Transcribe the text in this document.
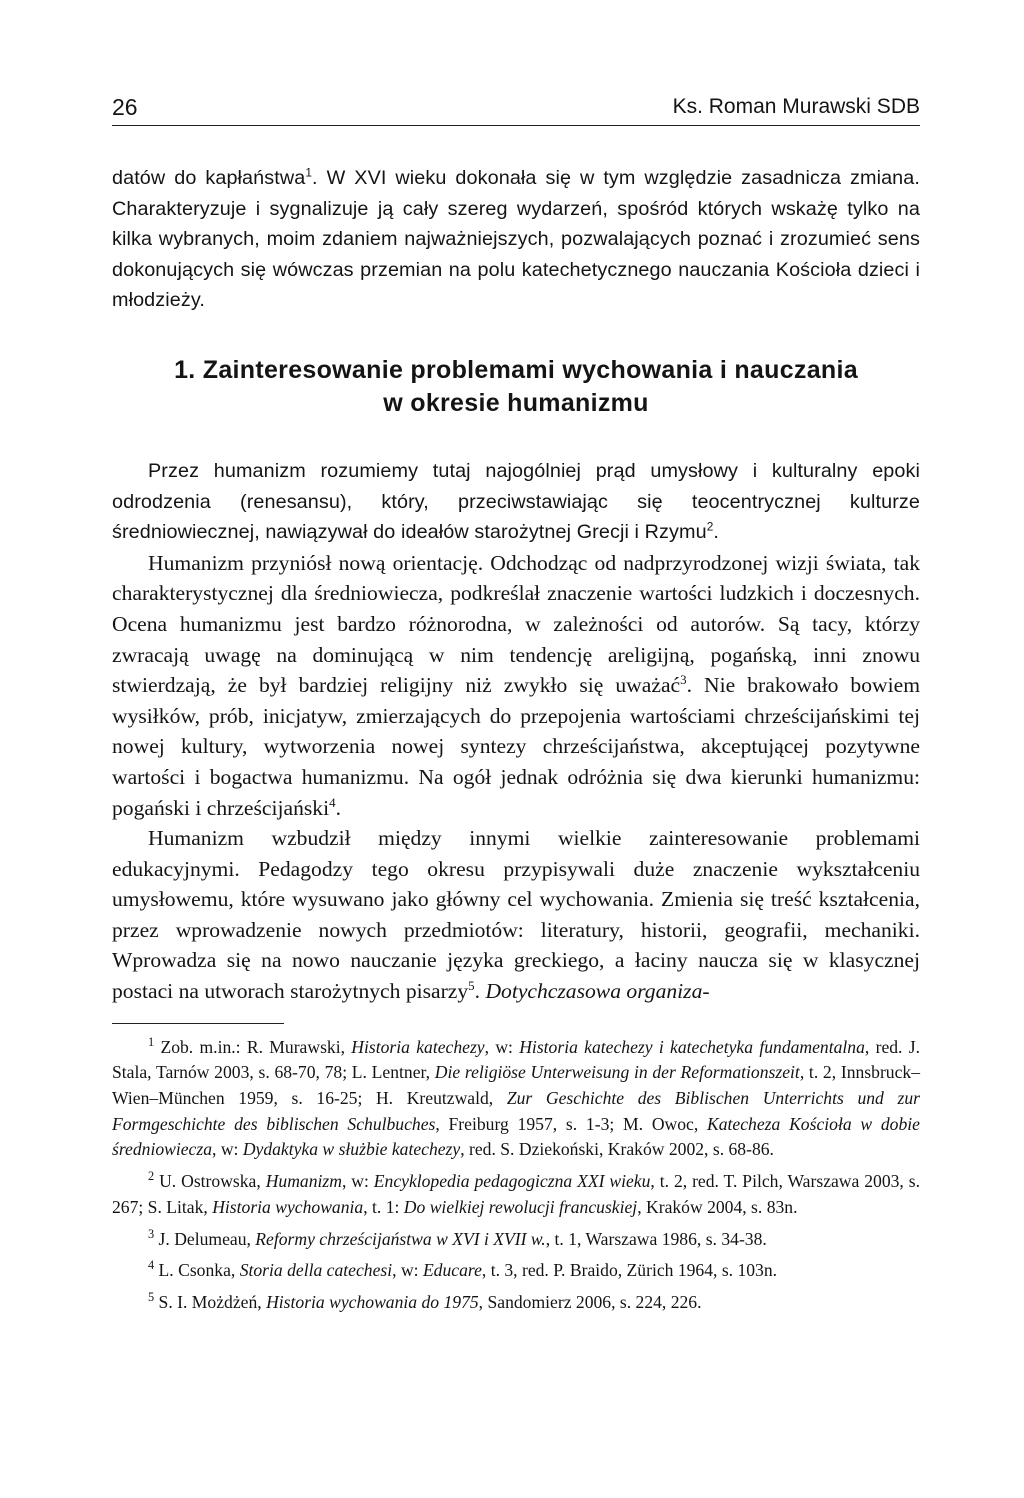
26	Ks. Roman Murawski SDB

datów do kapłaństwa$^1$. W XVI wieku dokonała się w tym względzie zasadnicza zmiana. Charakteryzuje i sygnalizuje ją cały szereg wydarzeń, spośród których wskażę tylko na kilka wybranych, moim zdaniem najważniejszych, pozwalających poznać i zrozumieć sens dokonujących się wówczas przemian na polu katechetycznego nauczania Kościoła dzieci i młodzieży.

1. Zainteresowanie problemami wychowania i nauczania
w okresie humanizmu

Przez humanizm rozumiemy tutaj najogólniej prąd umysłowy i kulturalny epoki odrodzenia (renesansu), który, przeciwstawiając się teocentrycznej kulturze średniowiecznej, nawiązywał do ideałów starożytnej Grecji i Rzymu$^2$.

Humanizm przyniósł nową orientację. Odchodząc od nadprzyrodzonej wizji świata, tak charakterystycznej dla średniowiecza, podkreślał znaczenie wartości ludzkich i doczesnych. Ocena humanizmu jest bardzo różnorodna, w zależności od autorów. Są tacy, którzy zwracają uwagę na dominującą w nim tendencję areligijną, pogańską, inni znowu stwierdzają, że był bardziej religijny niż zwykło się uważać$^3$. Nie brakowało bowiem wysiłków, prób, inicjatyw, zmierzających do przepojenia wartościami chrześcijańskimi tej nowej kultury, wytworzenia nowej syntezy chrześcijaństwa, akceptującej pozytywne wartości i bogactwa humanizmu. Na ogół jednak odróżnia się dwa kierunki humanizmu: pogański i chrześcijański$^4$.

Humanizm wzbudził między innymi wielkie zainteresowanie problemami edukacyjnymi. Pedagodzy tego okresu przypisywali duże znaczenie wykształceniu umysłowemu, które wysuwano jako główny cel wychowania. Zmienia się treść kształcenia, przez wprowadzenie nowych przedmiotów: literatury, historii, geografii, mechaniki. Wprowadza się na nowo nauczanie języka greckiego, a łaciny naucza się w klasycznej postaci na utworach starożytnych pisarzy$^5$. Dotychczasowa organiza-

$^1$ Zob. m.in.: R. Murawski, Historia katechezy, w: Historia katechezy i katechetyka fundamentalna, red. J. Stala, Tarnów 2003, s. 68-70, 78; L. Lentner, Die religiöse Unterweisung in der Reformationszeit, t. 2, Innsbruck–Wien–München 1959, s. 16-25; H. Kreutzwald, Zur Geschichte des Biblischen Unterrichts und zur Formgeschichte des biblischen Schulbuches, Freiburg 1957, s. 1-3; M. Owoc, Katecheza Kościoła w dobie średniowiecza, w: Dydaktyka w służbie katechezy, red. S. Dziekoński, Kraków 2002, s. 68-86.

$^2$ U. Ostrowska, Humanizm, w: Encyklopedia pedagogiczna XXI wieku, t. 2, red. T. Pilch, Warszawa 2003, s. 267; S. Litak, Historia wychowania, t. 1: Do wielkiej rewolucji francuskiej, Kraków 2004, s. 83n.

$^3$ J. Delumeau, Reformy chrześcijaństwa w XVI i XVII w., t. 1, Warszawa 1986, s. 34-38.

$^4$ L. Csonka, Storia della catechesi, w: Educare, t. 3, red. P. Braido, Zürich 1964, s. 103n.

$^5$ S. I. Możdżeń, Historia wychowania do 1975, Sandomierz 2006, s. 224, 226.
